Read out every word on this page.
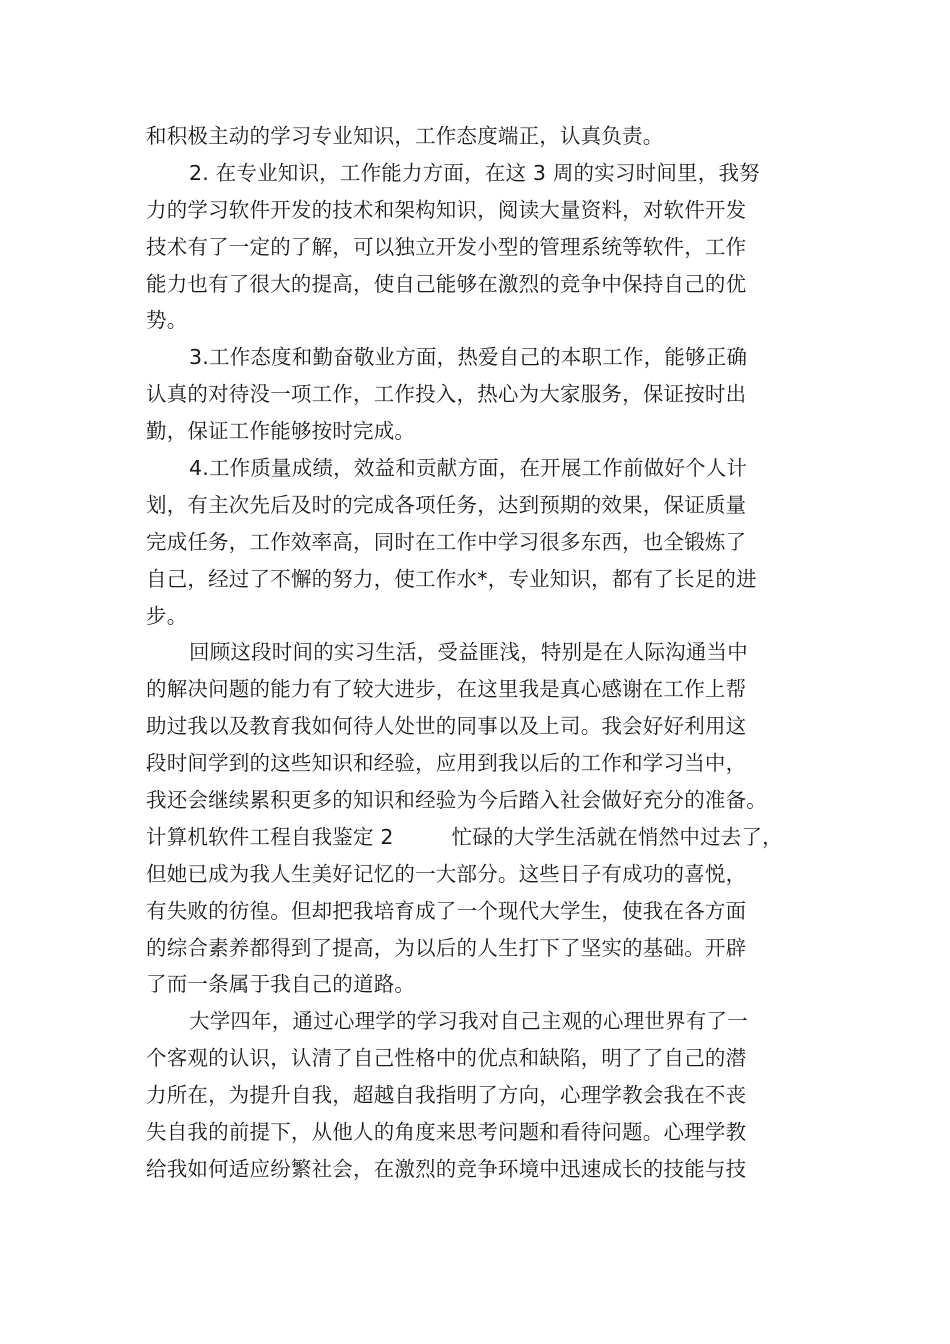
和积极主动的学习专业知识，工作态度端正，认真负责。
2. 在专业知识，工作能力方面，在这 3 周的实习时间里，我努
力的学习软件开发的技术和架构知识，阅读大量资料，对软件开发
技术有了一定的了解，可以独立开发小型的管理系统等软件，工作
能力也有了很大的提高，使自己能够在激烈的竞争中保持自己的优
势。
3.工作态度和勤奋敬业方面，热爱自己的本职工作，能够正确
认真的对待没一项工作，工作投入，热心为大家服务，保证按时出
勤，保证工作能够按时完成。
4.工作质量成绩，效益和贡献方面，在开展工作前做好个人计
划，有主次先后及时的完成各项任务，达到预期的效果，保证质量
完成任务，工作效率高，同时在工作中学习很多东西，也全锻炼了
自己，经过了不懈的努力，使工作水*，专业知识，都有了长足的进
步。
回顾这段时间的实习生活，受益匪浅，特别是在人际沟通当中
的解决问题的能力有了较大进步，在这里我是真心感谢在工作上帮
助过我以及教育我如何待人处世的同事以及上司。我会好好利用这
段时间学到的这些知识和经验，应用到我以后的工作和学习当中，
我还会继续累积更多的知识和经验为今后踏入社会做好充分的准备。
计算机软件工程自我鉴定 2	忙碌的大学生活就在悄然中过去了，
但她已成为我人生美好记忆的一大部分。这些日子有成功的喜悦，
有失败的彷徨。但却把我培育成了一个现代大学生，使我在各方面
的综合素养都得到了提高，为以后的人生打下了坚实的基础。开辟
了而一条属于我自己的道路。
大学四年，通过心理学的学习我对自己主观的心理世界有了一
个客观的认识，认清了自己性格中的优点和缺陷，明了了自己的潜
力所在，为提升自我，超越自我指明了方向，心理学教会我在不丧
失自我的前提下，从他人的角度来思考问题和看待问题。心理学教
给我如何适应纷繁社会，在激烈的竞争环境中迅速成长的技能与技
